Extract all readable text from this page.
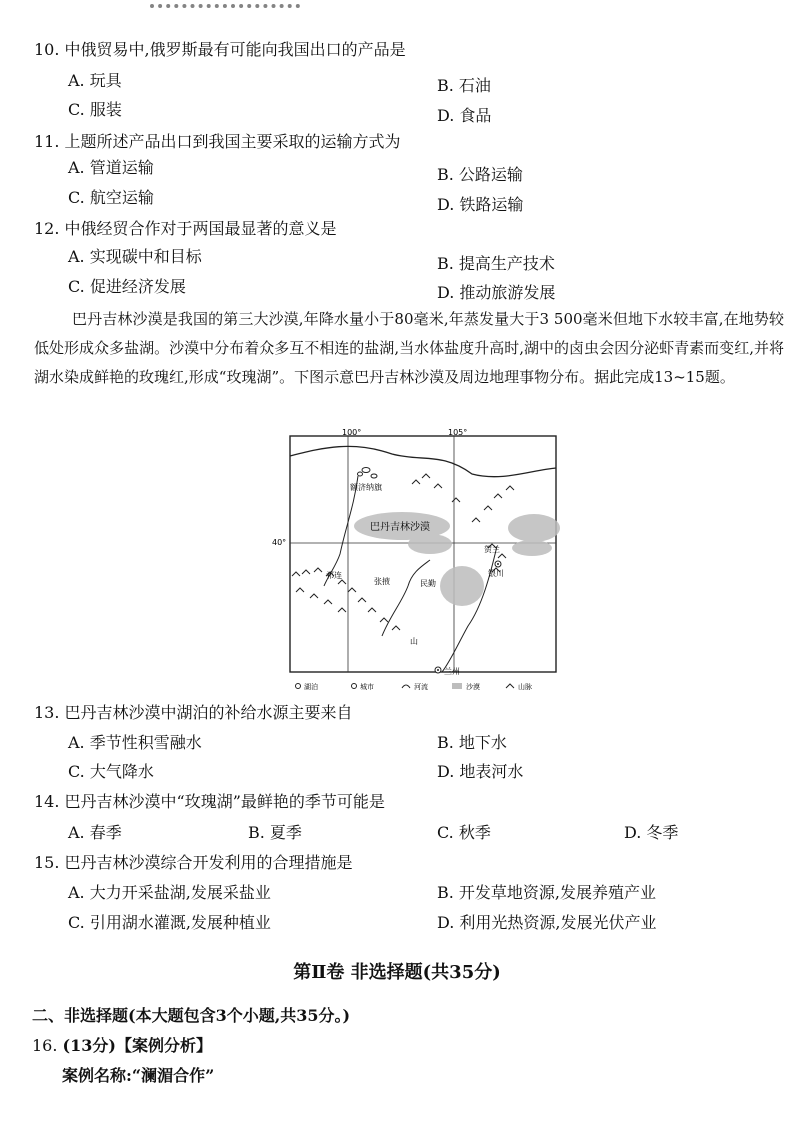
10. 中俄贸易中,俄罗斯最有可能向我国出口的产品是
A. 玩具	B. 石油
C. 服装	D. 食品
11. 上题所述产品出口到我国主要采取的运输方式为
A. 管道运输	B. 公路运输
C. 航空运输	D. 铁路运输
12. 中俄经贸合作对于两国最显著的意义是
A. 实现碳中和目标	B. 提高生产技术
C. 促进经济发展	D. 推动旅游发展
巴丹吉林沙漠是我国的第三大沙漠,年降水量小于80毫米,年蒸发量大于3 500毫米但地下水较丰富,在地势较低处形成众多盐湖。沙漠中分布着众多互不相连的盐湖,当水体盐度升高时,湖中的卤虫会因分泌虾青素而变红,并将湖水染成鲜艳的玫瑰红,形成“玫瑰湖”。下图示意巴丹吉林沙漠及周边地理事物分布。据此完成13~15题。
100°	105°
40°
额济纳旗
巴丹吉林沙漠
张掖	民勤
银川
兰州
贺兰
祁连
山
湖泊	城市	河流	沙漠	山脉
13. 巴丹吉林沙漠中湖泊的补给水源主要来自
A. 季节性积雪融水	B. 地下水
C. 大气降水	D. 地表河水
14. 巴丹吉林沙漠中“玫瑰湖”最鲜艳的季节可能是
A. 春季	B. 夏季	C. 秋季	D. 冬季
15. 巴丹吉林沙漠综合开发利用的合理措施是
A. 大力开采盐湖,发展采盐业	B. 开发草地资源,发展养殖产业
C. 引用湖水灌溉,发展种植业	D. 利用光热资源,发展光伏产业
第Ⅱ卷 非选择题(共35分)
二、非选择题(本大题包含3个小题,共35分。)
16. (13分)【案例分析】
案例名称:“澜湄合作”
